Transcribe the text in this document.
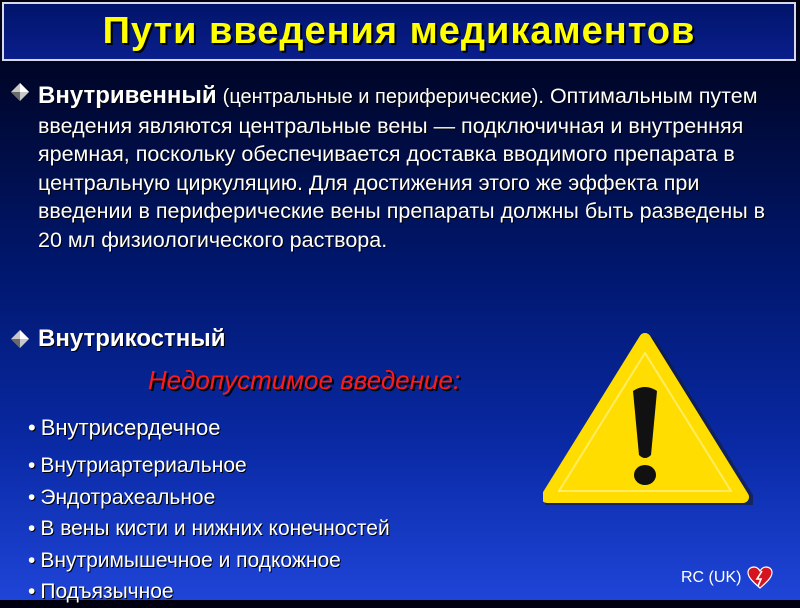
Пути введения медикаментов
Внутривенный (центральные и периферические). Оптимальным путем введения являются центральные вены — подключичная и внутренняя яремная, поскольку обеспечивается доставка вводимого препарата в центральную циркуляцию. Для достижения этого же эффекта при введении в периферические вены препараты должны быть разведены в 20 мл физиологического раствора.
Внутрикостный
Недопустимое введение:
• Внутрисердечное
• Внутриартериальное
• Эндотрахеальное
• В вены кисти и нижних конечностей
• Внутримышечное и подкожное
• Подъязычное
RC (UK)
